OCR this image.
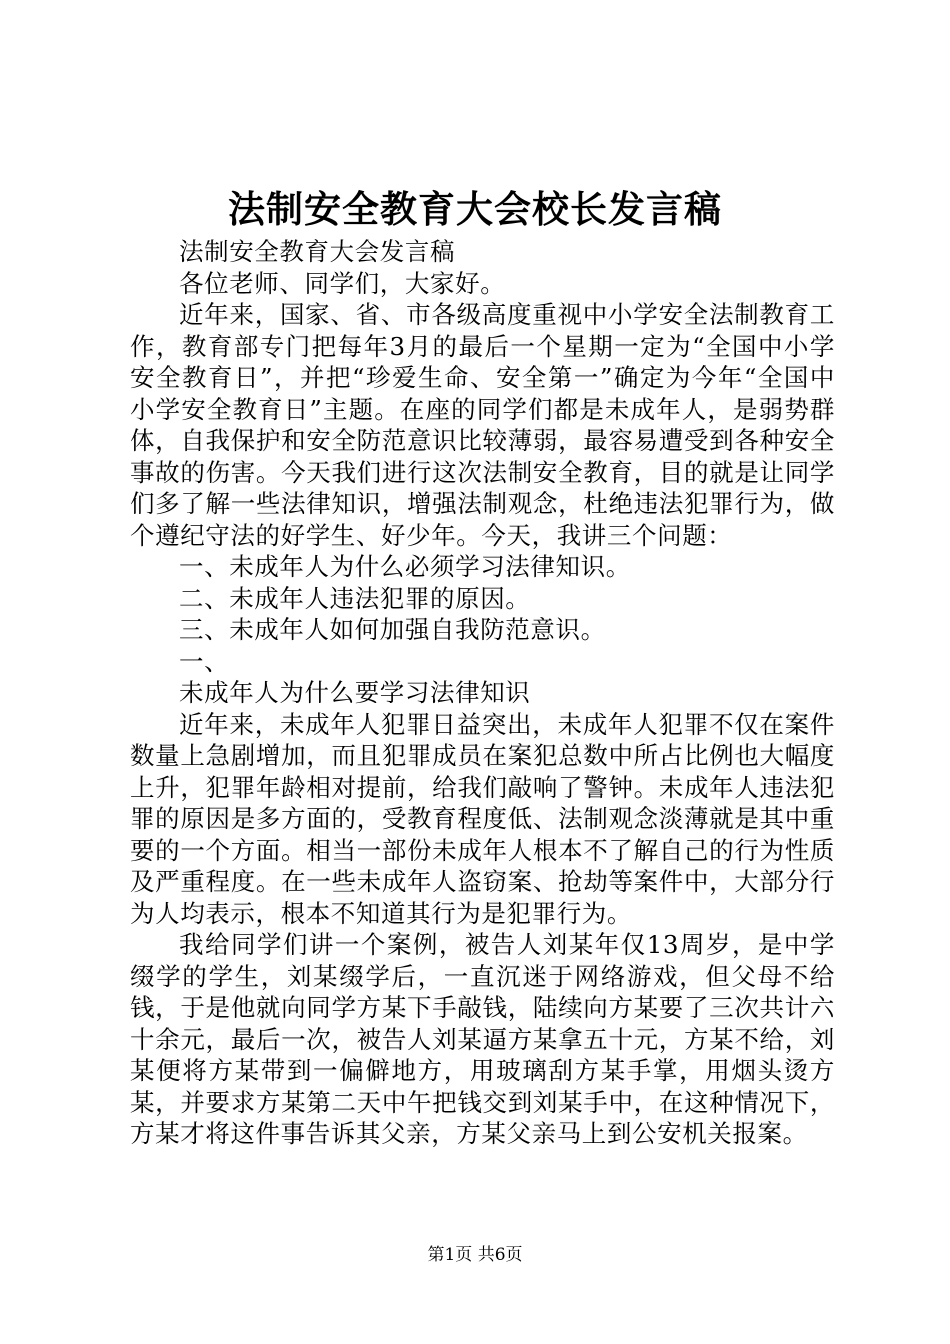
法制安全教育大会校长发言稿

法制安全教育大会发言稿

各位老师、同学们，大家好。

近年来，国家、省、市各级高度重视中小学安全法制教育工作，教育部专门把每年3月的最后一个星期一定为“全国中小学安全教育日”，并把“珍爱生命、安全第一”确定为今年“全国中小学安全教育日”主题。在座的同学们都是未成年人，是弱势群体，自我保护和安全防范意识比较薄弱，最容易遭受到各种安全事故的伤害。今天我们进行这次法制安全教育，目的就是让同学们多了解一些法律知识，增强法制观念，杜绝违法犯罪行为，做个遵纪守法的好学生、好少年。今天，我讲三个问题：

一、未成年人为什么必须学习法律知识。

二、未成年人违法犯罪的原因。

三、未成年人如何加强自我防范意识。

一、

未成年人为什么要学习法律知识

近年来，未成年人犯罪日益突出，未成年人犯罪不仅在案件数量上急剧增加，而且犯罪成员在案犯总数中所占比例也大幅度上升，犯罪年龄相对提前，给我们敲响了警钟。未成年人违法犯罪的原因是多方面的，受教育程度低、法制观念淡薄就是其中重要的一个方面。相当一部份未成年人根本不了解自己的行为性质及严重程度。在一些未成年人盗窃案、抢劫等案件中，大部分行为人均表示，根本不知道其行为是犯罪行为。

我给同学们讲一个案例，被告人刘某年仅13周岁，是中学缀学的学生，刘某缀学后，一直沉迷于网络游戏，但父母不给钱，于是他就向同学方某下手敲钱，陆续向方某要了三次共计六十余元，最后一次，被告人刘某逼方某拿五十元，方某不给，刘某便将方某带到一偏僻地方，用玻璃刮方某手掌，用烟头烫方某，并要求方某第二天中午把钱交到刘某手中，在这种情况下，方某才将这件事告诉其父亲，方某父亲马上到公安机关报案。

第1页 共6页
